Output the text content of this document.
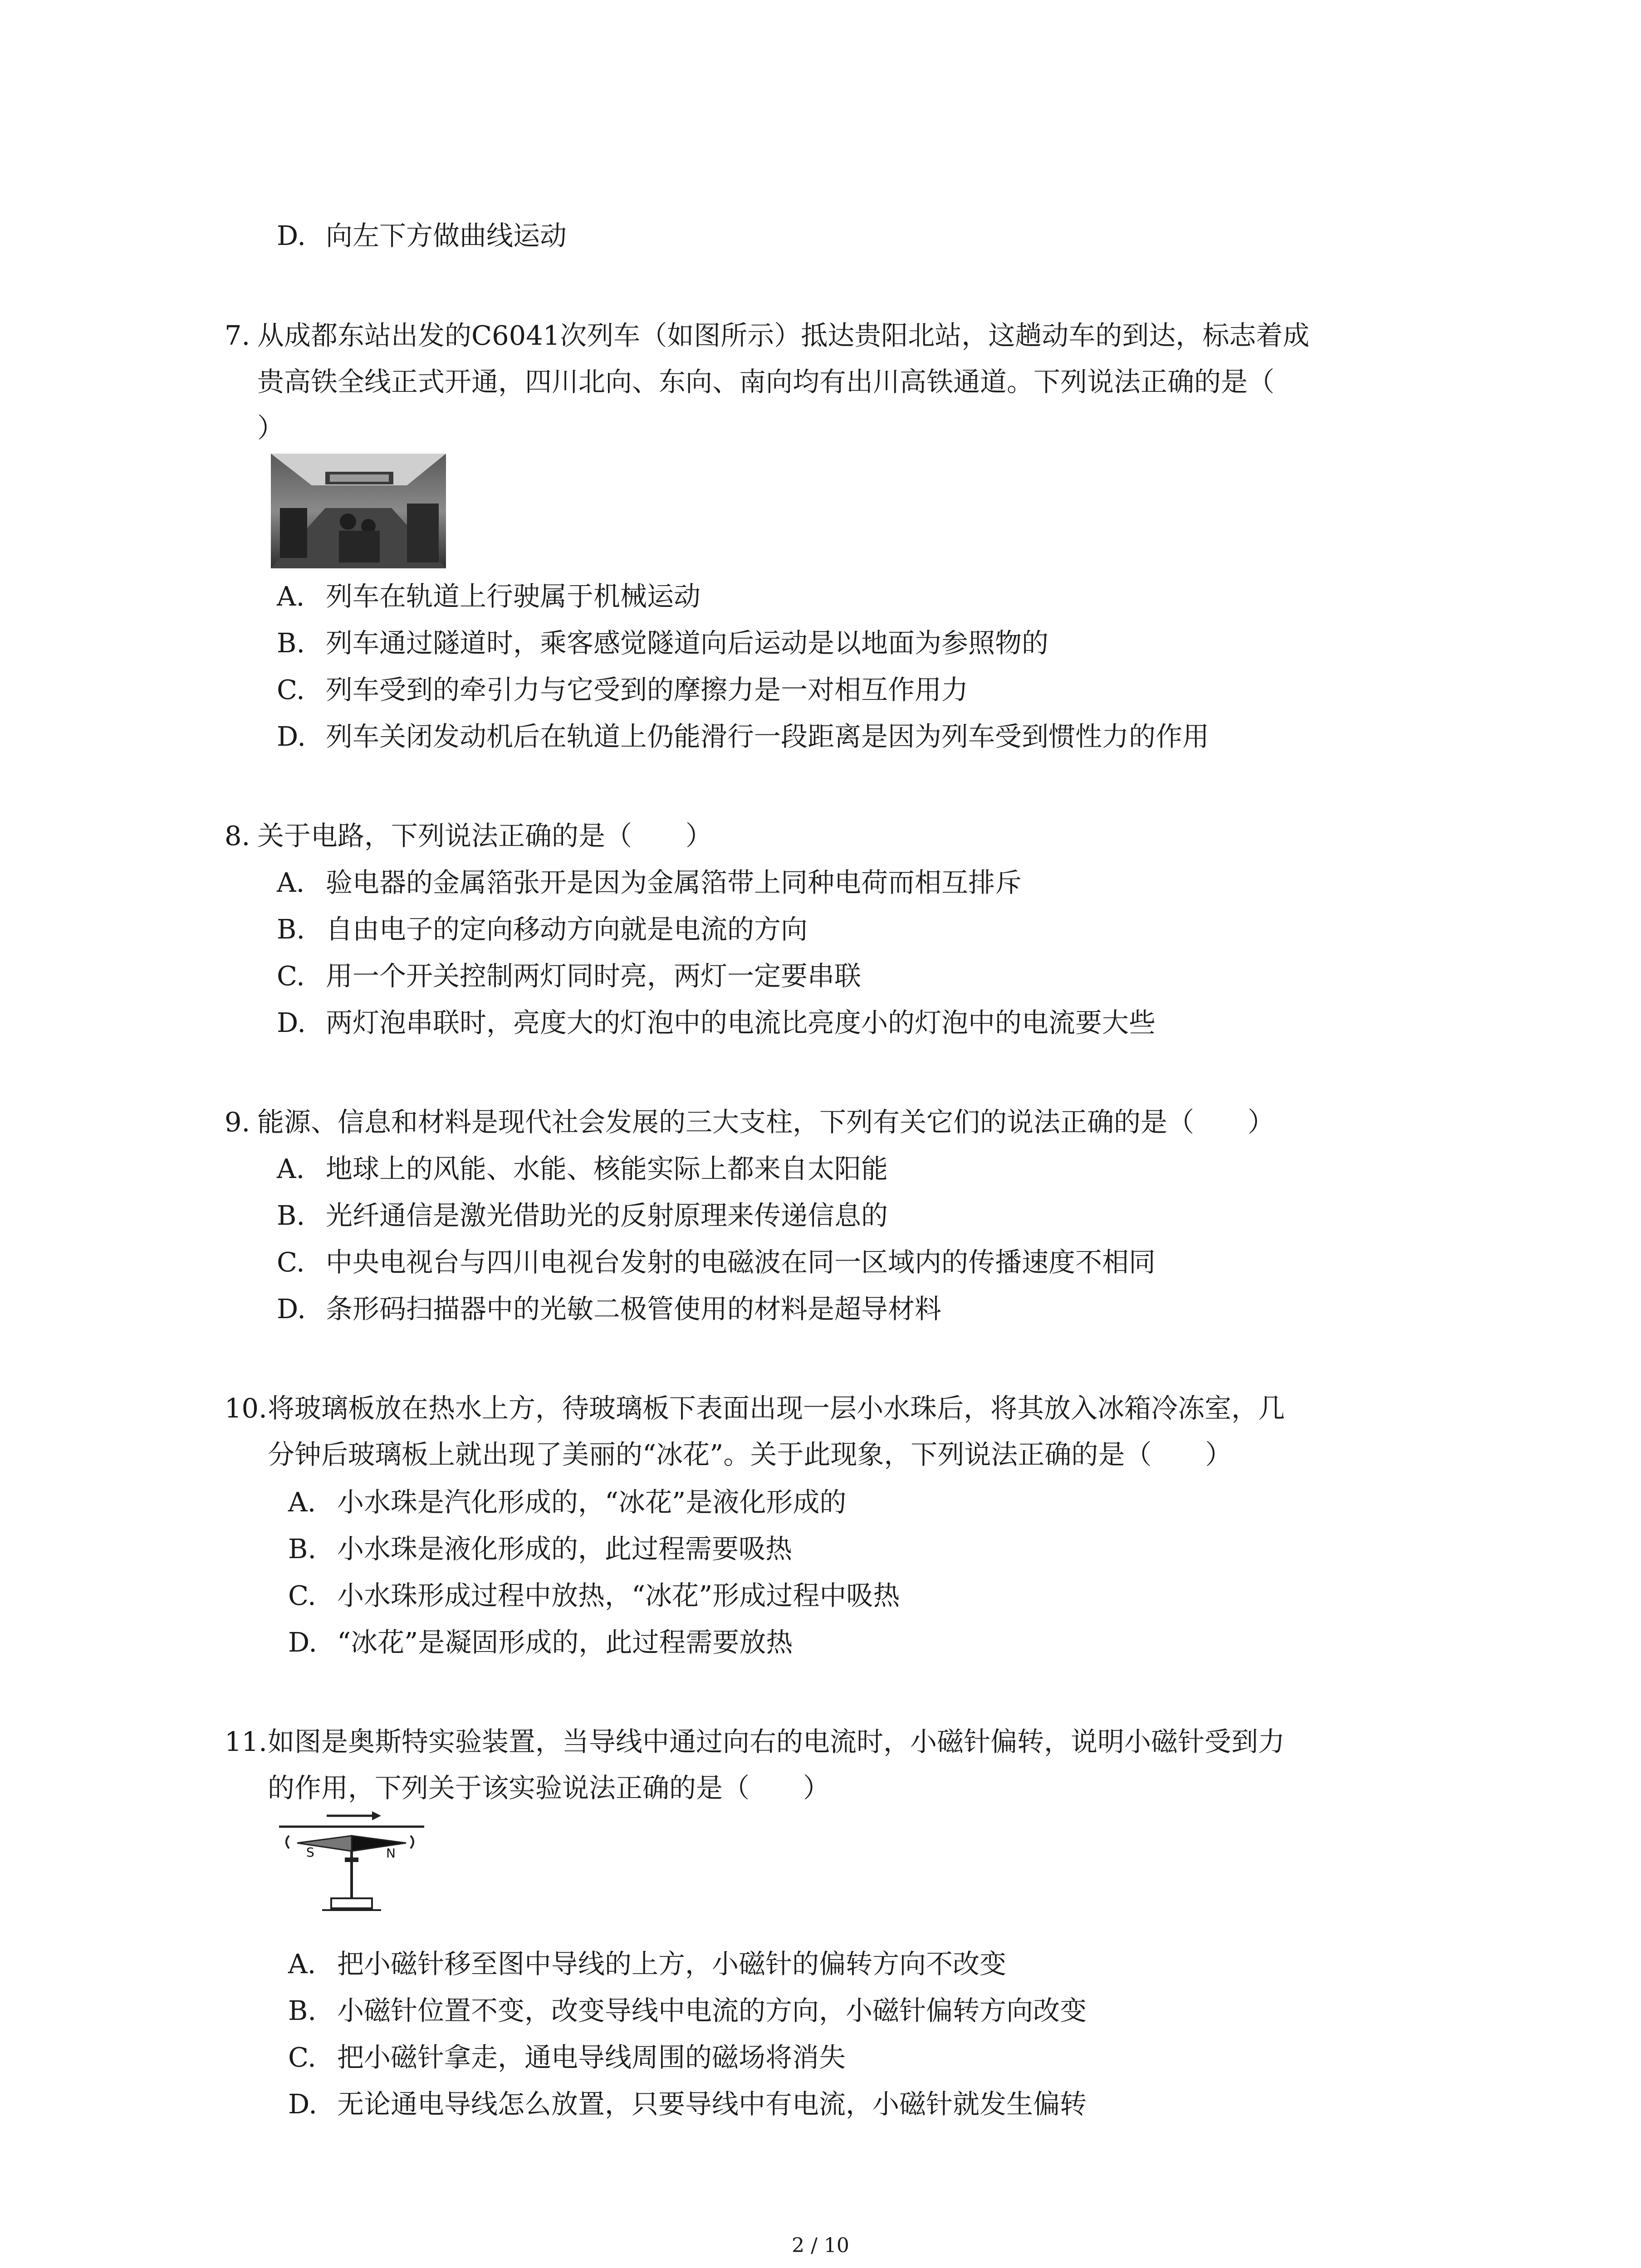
D. 向左下方做曲线运动
7. 从成都东站出发的C6041次列车（如图所示）抵达贵阳北站，这趟动车的到达，标志着成
贵高铁全线正式开通，四川北向、东向、南向均有出川高铁通道。下列说法正确的是（
）
A. 列车在轨道上行驶属于机械运动
B. 列车通过隧道时，乘客感觉隧道向后运动是以地面为参照物的
C. 列车受到的牵引力与它受到的摩擦力是一对相互作用力
D. 列车关闭发动机后在轨道上仍能滑行一段距离是因为列车受到惯性力的作用
8. 关于电路，下列说法正确的是（　　）
A. 验电器的金属箔张开是因为金属箔带上同种电荷而相互排斥
B. 自由电子的定向移动方向就是电流的方向
C. 用一个开关控制两灯同时亮，两灯一定要串联
D. 两灯泡串联时，亮度大的灯泡中的电流比亮度小的灯泡中的电流要大些
9. 能源、信息和材料是现代社会发展的三大支柱，下列有关它们的说法正确的是（　　）
A. 地球上的风能、水能、核能实际上都来自太阳能
B. 光纤通信是激光借助光的反射原理来传递信息的
C. 中央电视台与四川电视台发射的电磁波在同一区域内的传播速度不相同
D. 条形码扫描器中的光敏二极管使用的材料是超导材料
10.将玻璃板放在热水上方，待玻璃板下表面出现一层小水珠后，将其放入冰箱冷冻室，几
分钟后玻璃板上就出现了美丽的“冰花”。关于此现象，下列说法正确的是（　　）
A. 小水珠是汽化形成的，“冰花”是液化形成的
B. 小水珠是液化形成的，此过程需要吸热
C. 小水珠形成过程中放热，“冰花”形成过程中吸热
D. “冰花”是凝固形成的，此过程需要放热
11.如图是奥斯特实验装置，当导线中通过向右的电流时，小磁针偏转，说明小磁针受到力
的作用，下列关于该实验说法正确的是（　　）
S	N
A. 把小磁针移至图中导线的上方，小磁针的偏转方向不改变
B. 小磁针位置不变，改变导线中电流的方向，小磁针偏转方向改变
C. 把小磁针拿走，通电导线周围的磁场将消失
D. 无论通电导线怎么放置，只要导线中有电流，小磁针就发生偏转
2 / 10
